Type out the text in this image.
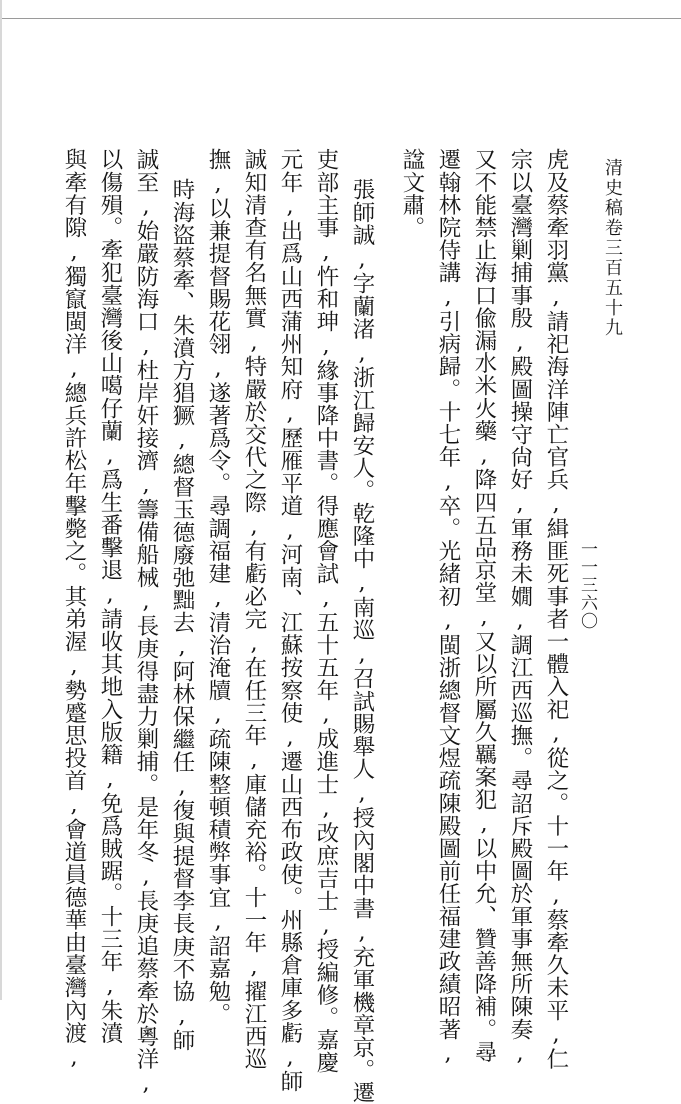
清史稿卷三百五十九
一一三六〇
虎及蔡牽羽黨,請祀海洋陣亡官兵,緝匪死事者一體入祀,從之。十一年,蔡牽久未平,仁
宗以臺灣剿捕事殷,殿圖操守尙好,軍務未嫺,調江西巡撫。尋詔斥殿圖於軍事無所陳奏,
又不能禁止海口偸漏水米火藥,降四五品京堂,又以所屬久羈案犯,以中允、贊善降補。尋
遷翰林院侍講,引病歸。十七年,卒。光緒初,閩浙總督文煜疏陳殿圖前任福建政績昭著,
諡文肅。
張師誠,字蘭渚,浙江歸安人。乾隆中,南巡,召試賜舉人,授內閣中書,充軍機章京。遷
吏部主事,忤和珅,緣事降中書。得應會試,五十五年,成進士,改庶吉士,授編修。嘉慶
元年,出爲山西蒲州知府,歷雁平道,河南、江蘇按察使,遷山西布政使。州縣倉庫多虧,師
誠知清查有名無實,特嚴於交代之際,有虧必完,在任三年,庫儲充裕。十一年,擢江西巡
撫,以兼提督賜花翎,遂著爲令。尋調福建,清治淹牘,疏陳整頓積弊事宜,詔嘉勉。
時海盜蔡牽、朱濆方猖獗,總督玉德廢弛黜去,阿林保繼任,復與提督李長庚不協,師
誠至,始嚴防海口,杜岸奸接濟,籌備船械,長庚得盡力剿捕。是年冬,長庚追蔡牽於粵洋,
以傷殞。牽犯臺灣後山噶仔蘭,爲生番擊退,請收其地入版籍,免爲賊踞。十三年,朱濆
與牽有隙,獨竄閩洋,總兵許松年擊斃之。其弟渥,勢蹙思投首,會道員德華由臺灣內渡,
